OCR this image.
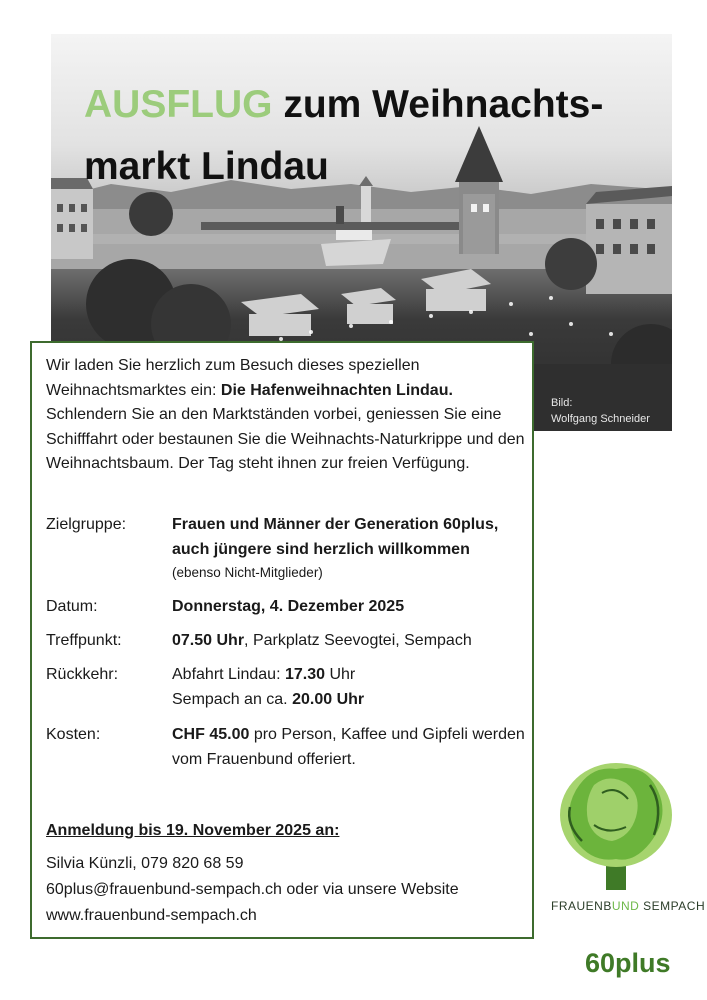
AUSFLUG zum Weihnachts-markt Lindau
Bild:
Wolfgang Schneider
Wir laden Sie herzlich zum Besuch dieses speziellen Weihnachtsmarktes ein: Die Hafenweihnachten Lindau. Schlendern Sie an den Marktständen vorbei, geniessen Sie eine Schifffahrt oder bestaunen Sie die Weihnachts-Naturkrippe und den Weihnachtsbaum. Der Tag steht ihnen zur freien Verfügung.
Zielgruppe:	Frauen und Männer der Generation 60plus,
auch jüngere sind herzlich willkommen
(ebenso Nicht-Mitglieder)
Datum:	Donnerstag, 4. Dezember 2025
Treffpunkt:	07.50 Uhr, Parkplatz Seevogtei, Sempach
Rückkehr:	Abfahrt Lindau: 17.30 Uhr
Sempach an ca. 20.00 Uhr
Kosten:	CHF 45.00 pro Person, Kaffee und Gipfeli werden vom Frauenbund offeriert.
Anmeldung bis 19. November 2025 an:
Silvia Künzli, 079 820 68 59
60plus@frauenbund-sempach.ch oder via unsere Website
www.frauenbund-sempach.ch
FRAUENBUND SEMPACH
60plus
